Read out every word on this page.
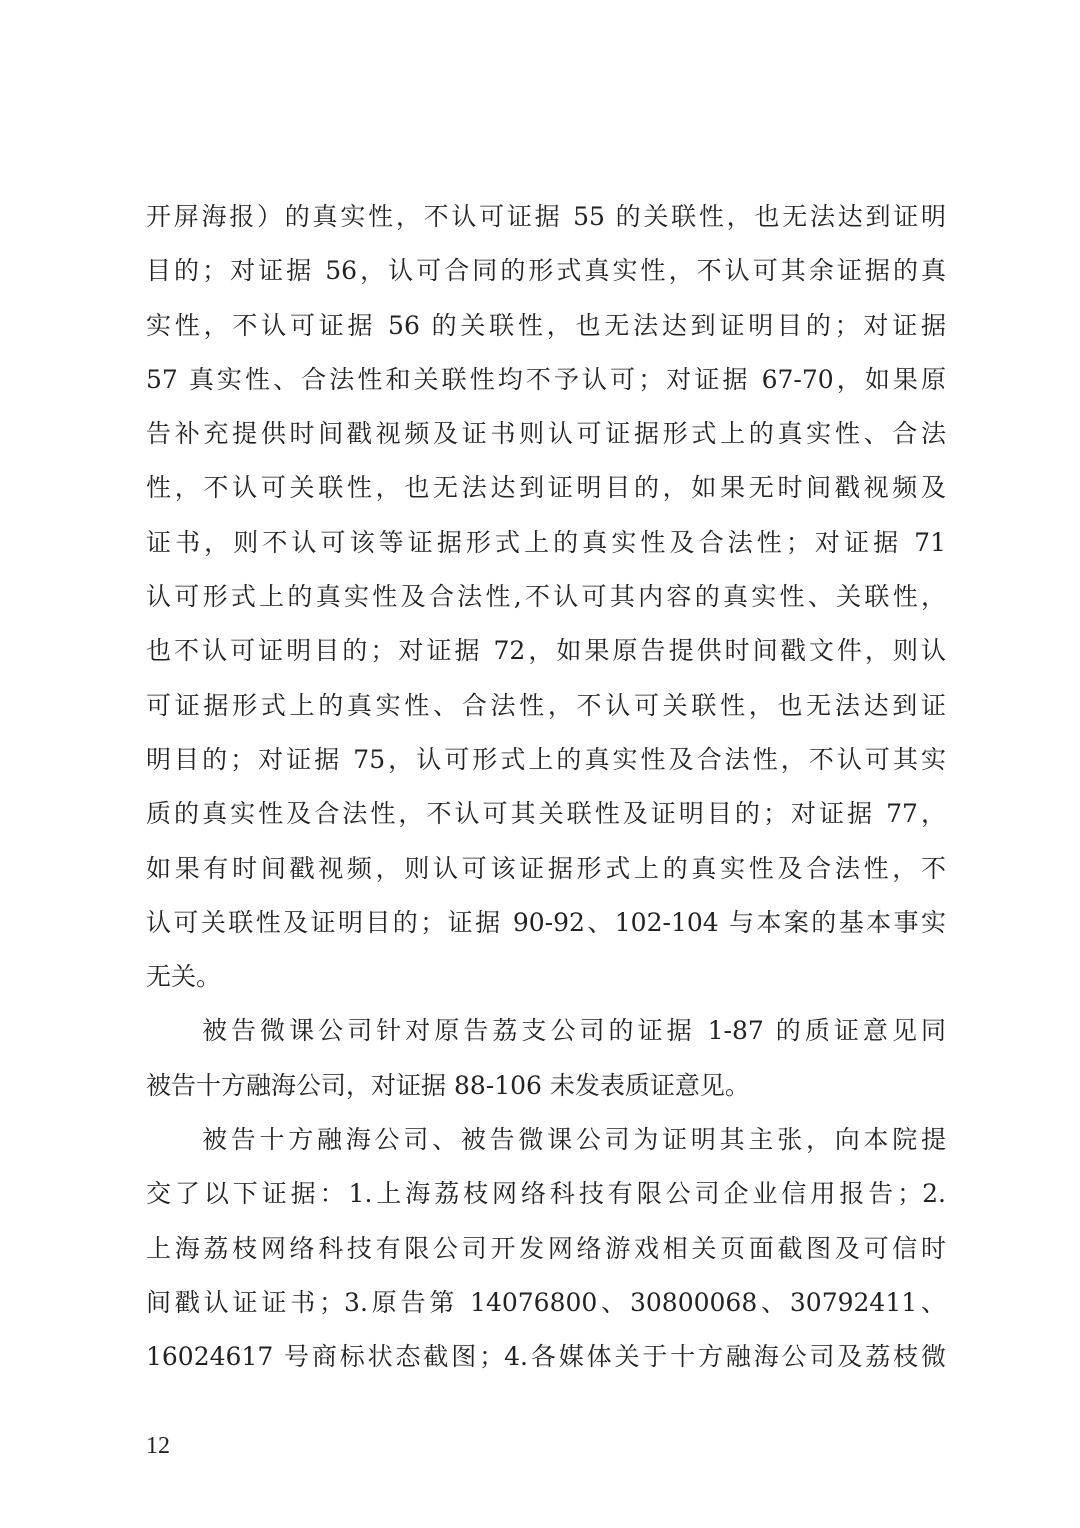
开屏海报）的真实性，不认可证据 55 的关联性，也无法达到证明
目的；对证据 56，认可合同的形式真实性，不认可其余证据的真
实性，不认可证据 56 的关联性，也无法达到证明目的；对证据
57 真实性、合法性和关联性均不予认可；对证据 67-70，如果原
告补充提供时间戳视频及证书则认可证据形式上的真实性、合法
性，不认可关联性，也无法达到证明目的，如果无时间戳视频及
证书，则不认可该等证据形式上的真实性及合法性；对证据 71
认可形式上的真实性及合法性,不认可其内容的真实性、关联性，
也不认可证明目的；对证据 72，如果原告提供时间戳文件，则认
可证据形式上的真实性、合法性，不认可关联性，也无法达到证
明目的；对证据 75，认可形式上的真实性及合法性，不认可其实
质的真实性及合法性，不认可其关联性及证明目的；对证据 77，
如果有时间戳视频，则认可该证据形式上的真实性及合法性，不
认可关联性及证明目的；证据 90-92、102-104 与本案的基本事实
无关。
被告微课公司针对原告荔支公司的证据 1-87 的质证意见同
被告十方融海公司，对证据 88-106 未发表质证意见。
被告十方融海公司、被告微课公司为证明其主张，向本院提
交了以下证据：1.上海荔枝网络科技有限公司企业信用报告；2.
上海荔枝网络科技有限公司开发网络游戏相关页面截图及可信时
间戳认证证书；3.原告第 14076800、30800068、30792411、
16024617 号商标状态截图；4.各媒体关于十方融海公司及荔枝微
12
